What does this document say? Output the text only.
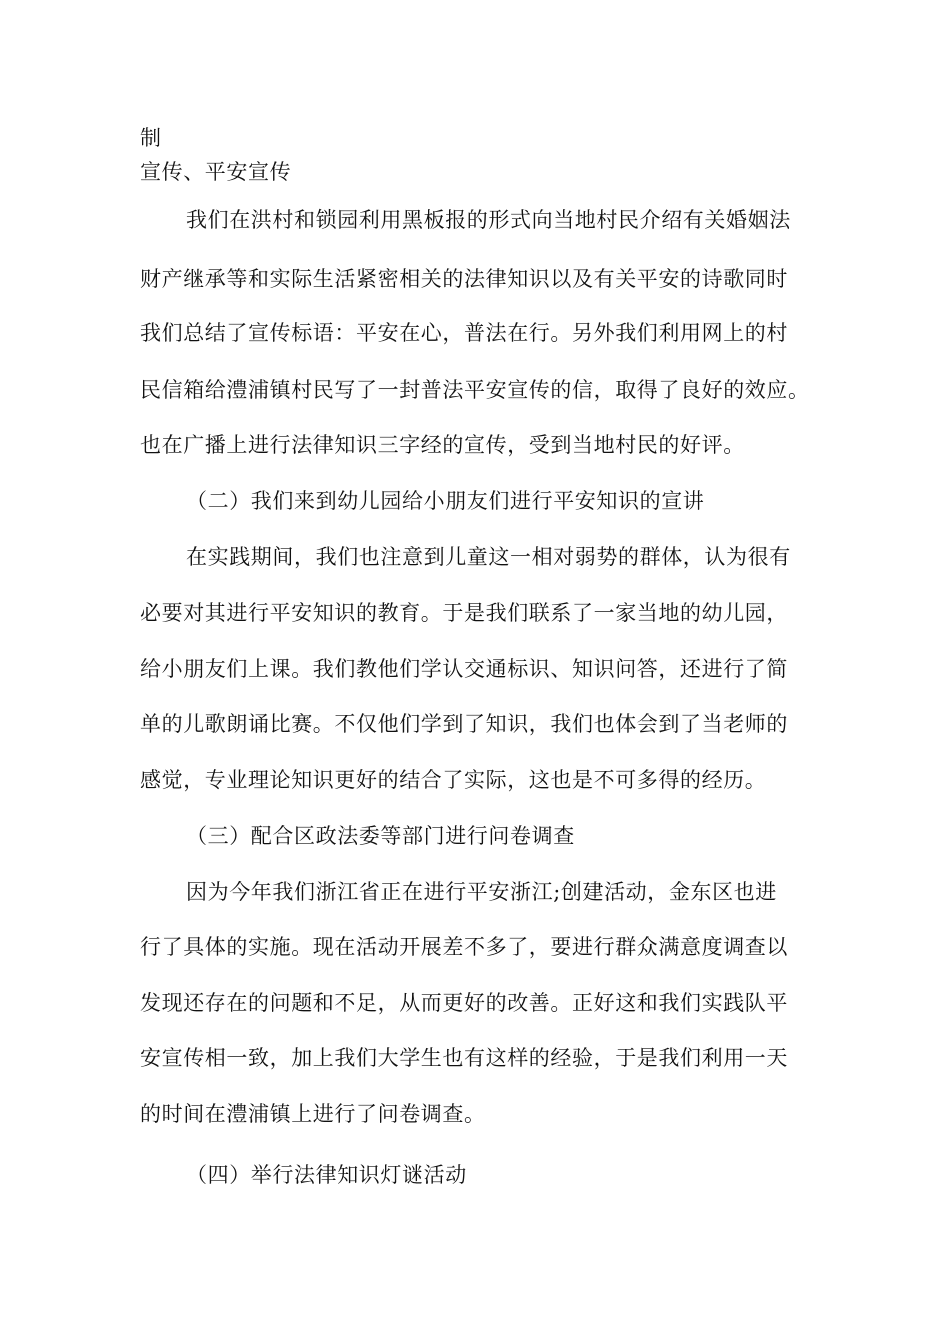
制
宣传、平安宣传
我们在洪村和锁园利用黑板报的形式向当地村民介绍有关婚姻法
财产继承等和实际生活紧密相关的法律知识以及有关平安的诗歌同时
我们总结了宣传标语：平安在心，普法在行。另外我们利用网上的村
民信箱给澧浦镇村民写了一封普法平安宣传的信，取得了良好的效应。
也在广播上进行法律知识三字经的宣传，受到当地村民的好评。
（二）我们来到幼儿园给小朋友们进行平安知识的宣讲
在实践期间，我们也注意到儿童这一相对弱势的群体，认为很有
必要对其进行平安知识的教育。于是我们联系了一家当地的幼儿园，
给小朋友们上课。我们教他们学认交通标识、知识问答，还进行了简
单的儿歌朗诵比赛。不仅他们学到了知识，我们也体会到了当老师的
感觉，专业理论知识更好的结合了实际，这也是不可多得的经历。
（三）配合区政法委等部门进行问卷调查
因为今年我们浙江省正在进行平安浙江;创建活动，金东区也进
行了具体的实施。现在活动开展差不多了，要进行群众满意度调查以
发现还存在的问题和不足，从而更好的改善。正好这和我们实践队平
安宣传相一致，加上我们大学生也有这样的经验，于是我们利用一天
的时间在澧浦镇上进行了问卷调查。
（四）举行法律知识灯谜活动
